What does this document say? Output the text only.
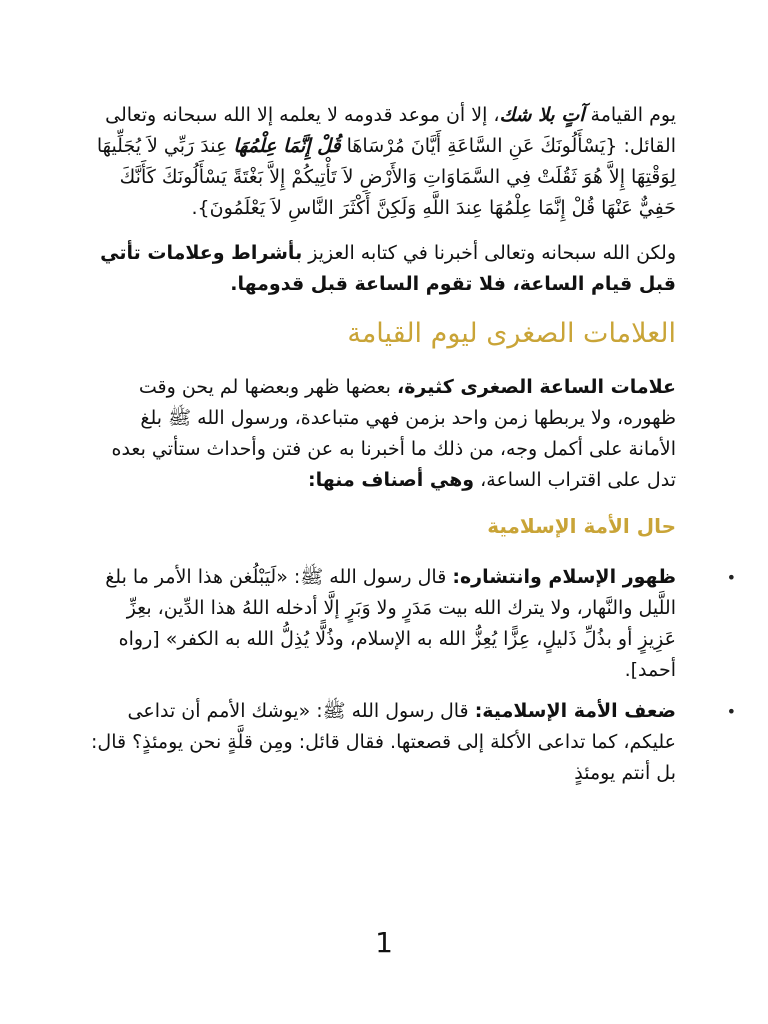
يوم القيامة آتٍ بلا شك، إلا أن موعد قدومه لا يعلمه إلا الله سبحانه وتعالى القائل: {يَسْأَلُونَكَ عَنِ السَّاعَةِ أَيَّانَ مُرْسَاهَا قُلْ إِنَّمَا عِلْمُهَا عِندَ رَبِّي لاَ يُجَلِّيهَا لِوَقْتِهَا إِلاَّ هُوَ ثَقُلَتْ فِي السَّمَاوَاتِ وَالأَرْضِ لاَ تَأْتِيكُمْ إِلاَّ بَغْتَةً يَسْأَلُونَكَ كَأَنَّكَ حَفِيٌّ عَنْهَا قُلْ إِنَّمَا عِلْمُهَا عِندَ اللَّهِ وَلَكِنَّ أَكْثَرَ النَّاسِ لاَ يَعْلَمُونَ}.

ولكن الله سبحانه وتعالى أخبرنا في كتابه العزيز بأشراط وعلامات تأتي قبل قيام الساعة، فلا تقوم الساعة قبل قدومها.

العلامات الصغرى ليوم القيامة

علامات الساعة الصغرى كثيرة، بعضها ظهر وبعضها لم يحن وقت ظهوره، ولا يربطها زمن واحد بزمن فهي متباعدة، ورسول الله ﷺ بلغ الأمانة على أكمل وجه، من ذلك ما أخبرنا به عن فتن وأحداث ستأتي بعده تدل على اقتراب الساعة، وهي أصناف منها:

حال الأمة الإسلامية
•
ظهور الإسلام وانتشاره: قال رسول الله ﷺ: «لَيَبْلُغن هذا الأمر ما بلغ اللَّيل والنَّهار، ولا يترك الله بيت مَدَرٍ ولا وَبَرٍ إلَّا أدخله اللهُ هذا الدِّين، بعِزِّ عَزِيزٍ أو بذُلِّ ذَليلٍ، عِزًّا يُعِزُّ الله به الإسلام، وذُلًّا يُذِلُّ الله به الكفر» [رواه أحمد].
•
ضعف الأمة الإسلامية: قال رسول الله ﷺ: «يوشك الأمم أن تداعى عليكم، كما تداعى الأكلة إلى قصعتها. فقال قائل: ومِن قلَّةٍ نحن يومئذٍ؟ قال: بل أنتم يومئذٍ
1
